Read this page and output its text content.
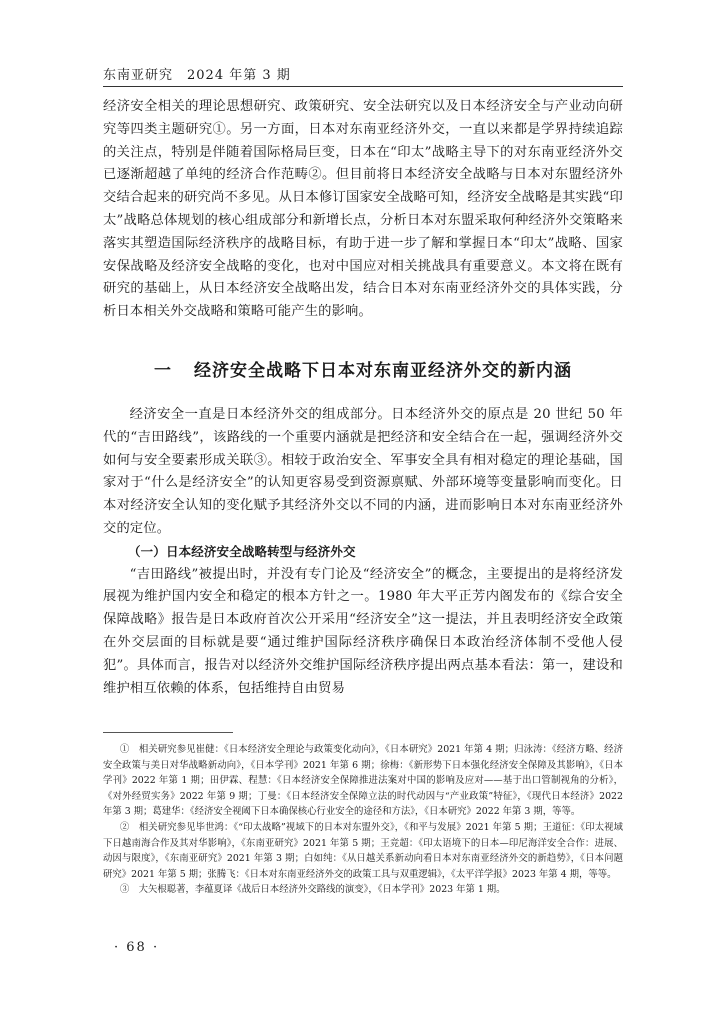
东南亚研究　2024 年第 3 期

经济安全相关的理论思想研究、政策研究、安全法研究以及日本经济安全与产业动向研究等四类主题研究①。另一方面，日本对东南亚经济外交，一直以来都是学界持续追踪的关注点，特别是伴随着国际格局巨变，日本在“印太”战略主导下的对东南亚经济外交已逐渐超越了单纯的经济合作范畴②。但目前将日本经济安全战略与日本对东盟经济外交结合起来的研究尚不多见。从日本修订国家安全战略可知，经济安全战略是其实践“印太”战略总体规划的核心组成部分和新增长点，分析日本对东盟采取何种经济外交策略来落实其塑造国际经济秩序的战略目标，有助于进一步了解和掌握日本“印太”战略、国家安保战略及经济安全战略的变化，也对中国应对相关挑战具有重要意义。本文将在既有研究的基础上，从日本经济安全战略出发，结合日本对东南亚经济外交的具体实践，分析日本相关外交战略和策略可能产生的影响。

一 经济安全战略下日本对东南亚经济外交的新内涵

经济安全一直是日本经济外交的组成部分。日本经济外交的原点是 20 世纪 50 年代的“吉田路线”，该路线的一个重要内涵就是把经济和安全结合在一起，强调经济外交如何与安全要素形成关联③。相较于政治安全、军事安全具有相对稳定的理论基础，国家对于“什么是经济安全”的认知更容易受到资源禀赋、外部环境等变量影响而变化。日本对经济安全认知的变化赋予其经济外交以不同的内涵，进而影响日本对东南亚经济外交的定位。

（一）日本经济安全战略转型与经济外交

“吉田路线”被提出时，并没有专门论及“经济安全”的概念，主要提出的是将经济发展视为维护国内安全和稳定的根本方针之一。1980 年大平正芳内阁发布的《综合安全保障战略》报告是日本政府首次公开采用“经济安全”这一提法，并且表明经济安全政策在外交层面的目标就是要“通过维护国际经济秩序确保日本政治经济体制不受他人侵犯”。具体而言，报告对以经济外交维护国际经济秩序提出两点基本看法：第一，建设和维护相互依赖的体系，包括维持自由贸易

①　相关研究参见崔健：《日本经济安全理论与政策变化动向》，《日本研究》2021 年第 4 期；归泳涛：《经济方略、经济安全政策与美日对华战略新动向》，《日本学刊》2021 年第 6 期；徐梅：《新形势下日本强化经济安全保障及其影响》，《日本学刊》2022 年第 1 期；田伊霖、程慧：《日本经济安全保障推进法案对中国的影响及应对——基于出口管制视角的分析》，《对外经贸实务》2022 年第 9 期；丁曼：《日本经济安全保障立法的时代动因与“产业政策”特征》，《现代日本经济》2022 年第 3 期；葛建华：《经济安全视阈下日本确保核心行业安全的途径和方法》，《日本研究》2022 年第 3 期，等等。

②　相关研究参见毕世鸿：《“印太战略”视域下的日本对东盟外交》，《和平与发展》2021 年第 5 期；王道征：《印太视域下日越南海合作及其对华影响》，《东南亚研究》2021 年第 5 期；王竞超：《印太语境下的日本—印尼海洋安全合作：进展、动因与限度》，《东南亚研究》2021 年第 3 期；白如纯：《从日越关系新动向看日本对东南亚经济外交的新趋势》，《日本问题研究》2021 年第 5 期；张腾飞：《日本对东南亚经济外交的政策工具与双重逻辑》，《太平洋学报》2023 年第 4 期，等等。

③　大矢根聪著，李蕴夏译《战后日本经济外交路线的演变》，《日本学刊》2023 年第 1 期。

· 68 ·
